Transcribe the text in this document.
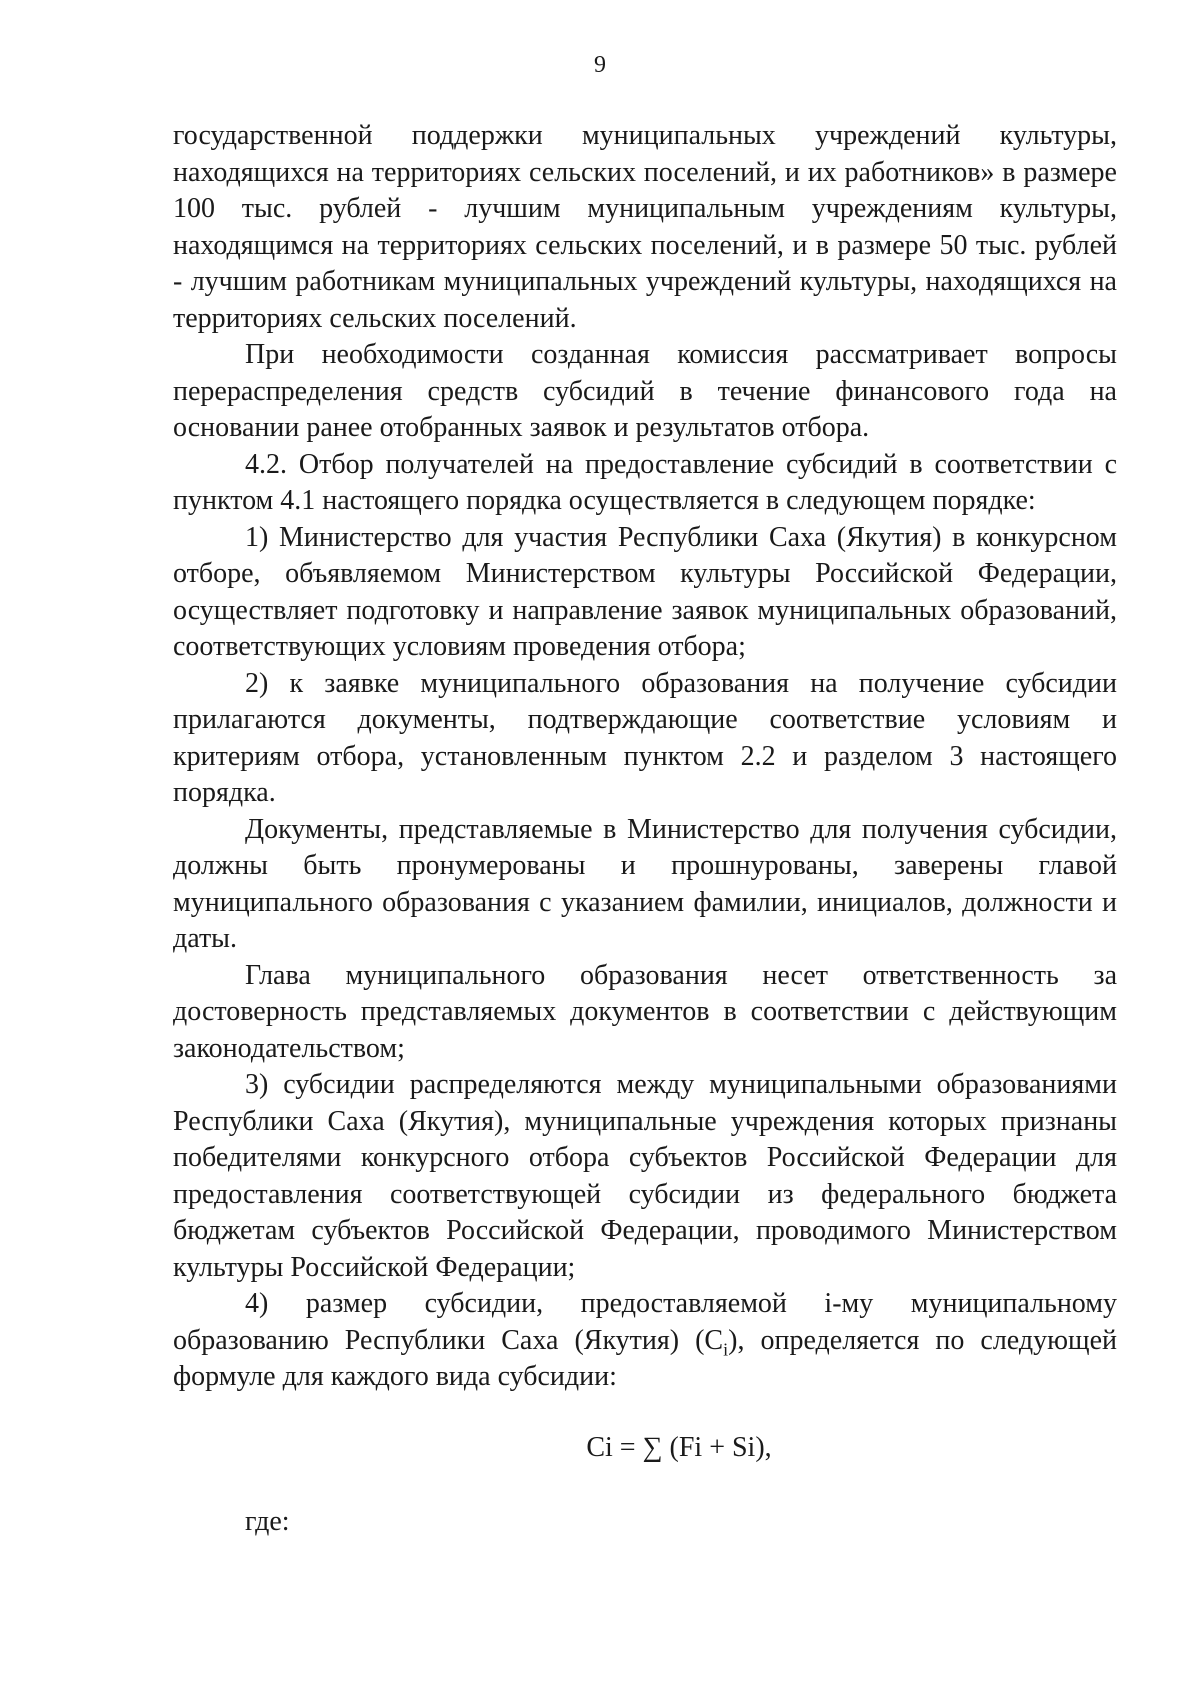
9

государственной поддержки муниципальных учреждений культуры, находящихся на территориях сельских поселений, и их работников» в размере 100 тыс. рублей - лучшим муниципальным учреждениям культуры, находящимся на территориях сельских поселений, и в размере 50 тыс. рублей - лучшим работникам муниципальных учреждений культуры, находящихся на территориях сельских поселений.

При необходимости созданная комиссия рассматривает вопросы перераспределения средств субсидий в течение финансового года на основании ранее отобранных заявок и результатов отбора.

4.2. Отбор получателей на предоставление субсидий в соответствии с пунктом 4.1 настоящего порядка осуществляется в следующем порядке:

1) Министерство для участия Республики Саха (Якутия) в конкурсном отборе, объявляемом Министерством культуры Российской Федерации, осуществляет подготовку и направление заявок муниципальных образований, соответствующих условиям проведения отбора;

2) к заявке муниципального образования на получение субсидии прилагаются документы, подтверждающие соответствие условиям и критериям отбора, установленным пунктом 2.2 и разделом 3 настоящего порядка.

Документы, представляемые в Министерство для получения субсидии, должны быть пронумерованы и прошнурованы, заверены главой муниципального образования с указанием фамилии, инициалов, должности и даты.

Глава муниципального образования несет ответственность за достоверность представляемых документов в соответствии с действующим законодательством;

3) субсидии распределяются между муниципальными образованиями Республики Саха (Якутия), муниципальные учреждения которых признаны победителями конкурсного отбора субъектов Российской Федерации для предоставления соответствующей субсидии из федерального бюджета бюджетам субъектов Российской Федерации, проводимого Министерством культуры Российской Федерации;

4) размер субсидии, предоставляемой i-му муниципальному образованию Республики Саха (Якутия) $(C_i)$, определяется по следующей формуле для каждого вида субсидии:

Ci = ∑ (Fi + Si),

где:
